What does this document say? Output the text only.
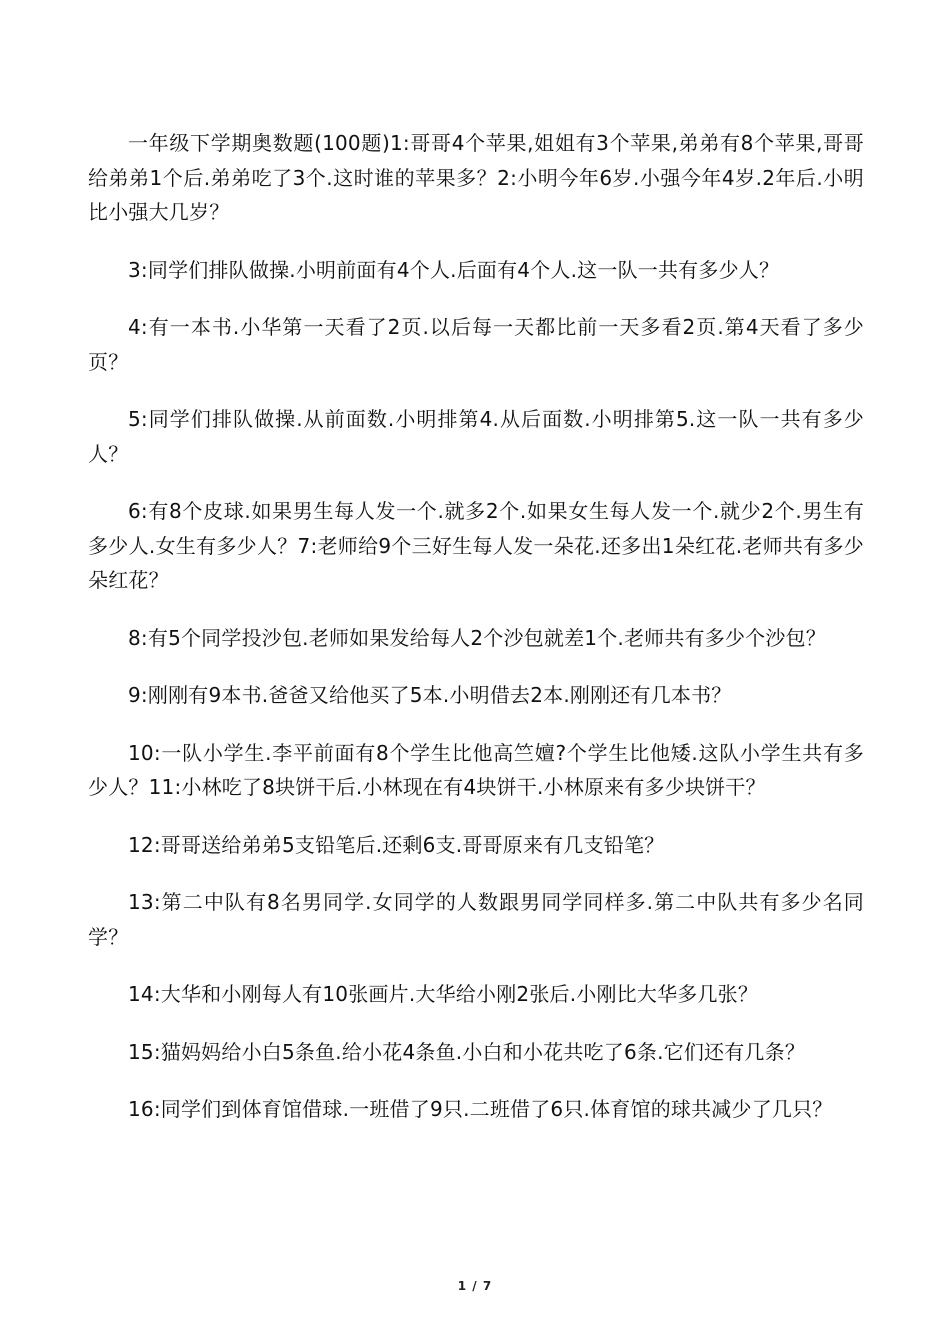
一年级下学期奥数题(100题)1:哥哥4个苹果,姐姐有3个苹果,弟弟有8个苹果,哥哥给弟弟1个后.弟弟吃了3个.这时谁的苹果多？2:小明今年6岁.小强今年4岁.2年后.小明比小强大几岁？

3:同学们排队做操.小明前面有4个人.后面有4个人.这一队一共有多少人？

4:有一本书.小华第一天看了2页.以后每一天都比前一天多看2页.第4天看了多少页？

5:同学们排队做操.从前面数.小明排第4.从后面数.小明排第5.这一队一共有多少人？

6:有8个皮球.如果男生每人发一个.就多2个.如果女生每人发一个.就少2个.男生有多少人.女生有多少人？7:老师给9个三好生每人发一朵花.还多出1朵红花.老师共有多少朵红花？

8:有5个同学投沙包.老师如果发给每人2个沙包就差1个.老师共有多少个沙包？

9:刚刚有9本书.爸爸又给他买了5本.小明借去2本.刚刚还有几本书？

10:一队小学生.李平前面有8个学生比他高竺嬗?个学生比他矮.这队小学生共有多少人？11:小林吃了8块饼干后.小林现在有4块饼干.小林原来有多少块饼干？

12:哥哥送给弟弟5支铅笔后.还剩6支.哥哥原来有几支铅笔？

13:第二中队有8名男同学.女同学的人数跟男同学同样多.第二中队共有多少名同学？

14:大华和小刚每人有10张画片.大华给小刚2张后.小刚比大华多几张？

15:猫妈妈给小白5条鱼.给小花4条鱼.小白和小花共吃了6条.它们还有几条？

16:同学们到体育馆借球.一班借了9只.二班借了6只.体育馆的球共减少了几只？

1 / 7
